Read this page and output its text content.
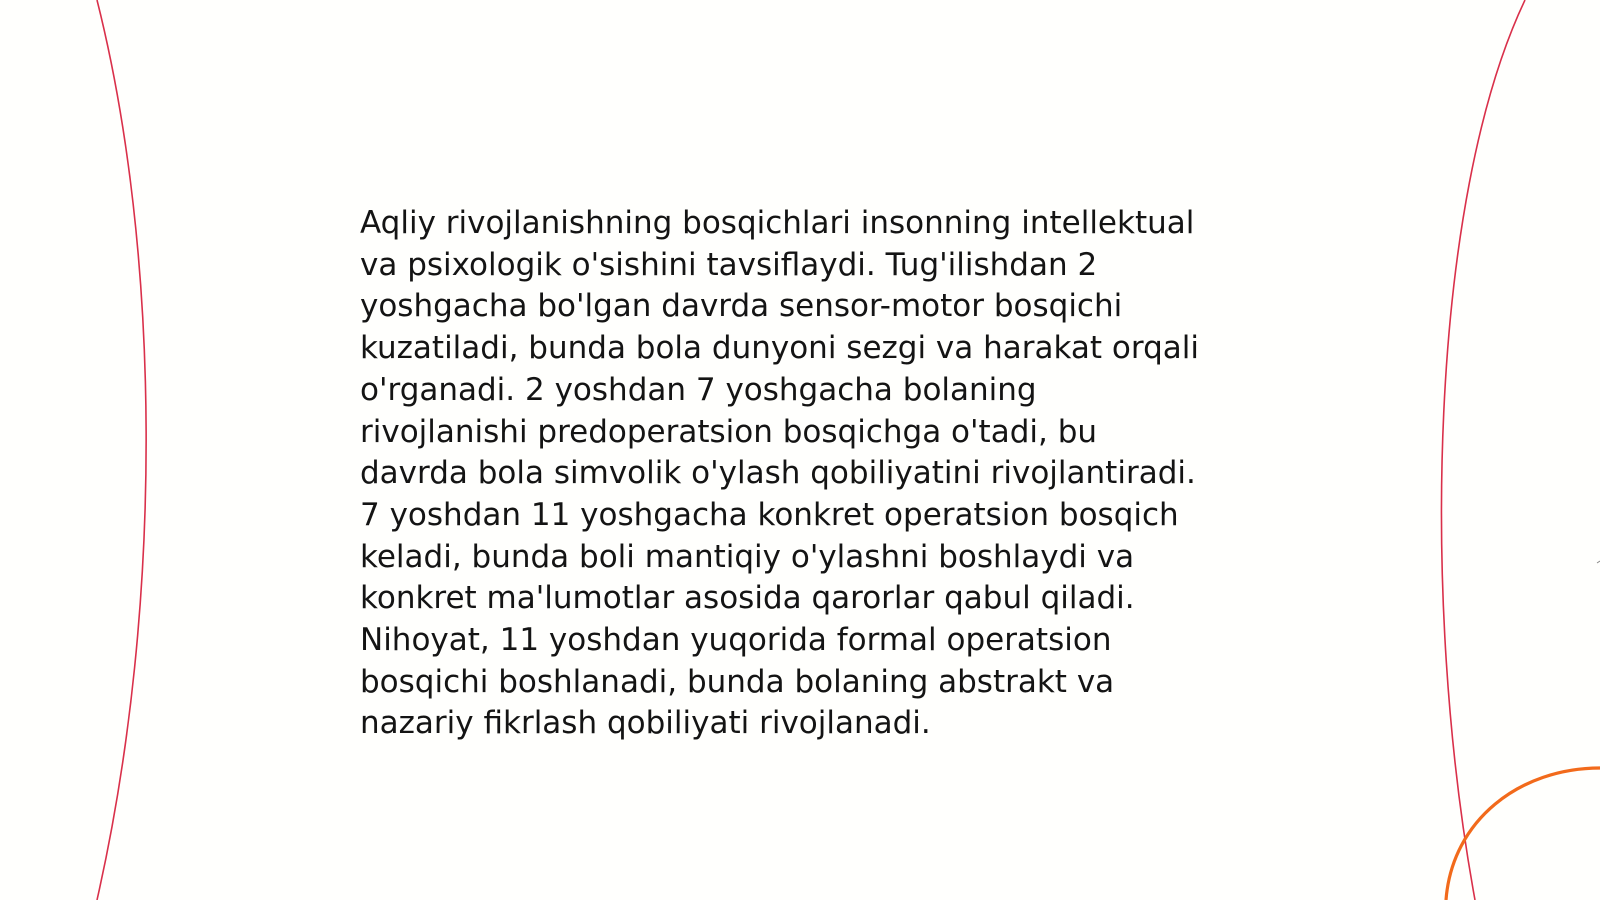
Aqliy rivojlanishning bosqichlari insonning intellektual
va psixologik o'sishini tavsiflaydi. Tug'ilishdan 2
yoshgacha bo'lgan davrda sensor-motor bosqichi
kuzatiladi, bunda bola dunyoni sezgi va harakat orqali
o'rganadi. 2 yoshdan 7 yoshgacha bolaning
rivojlanishi predoperatsion bosqichga o'tadi, bu
davrda bola simvolik o'ylash qobiliyatini rivojlantiradi.
7 yoshdan 11 yoshgacha konkret operatsion bosqich
keladi, bunda boli mantiqiy o'ylashni boshlaydi va
konkret ma'lumotlar asosida qarorlar qabul qiladi.
Nihoyat, 11 yoshdan yuqorida formal operatsion
bosqichi boshlanadi, bunda bolaning abstrakt va
nazariy fikrlash qobiliyati rivojlanadi.
